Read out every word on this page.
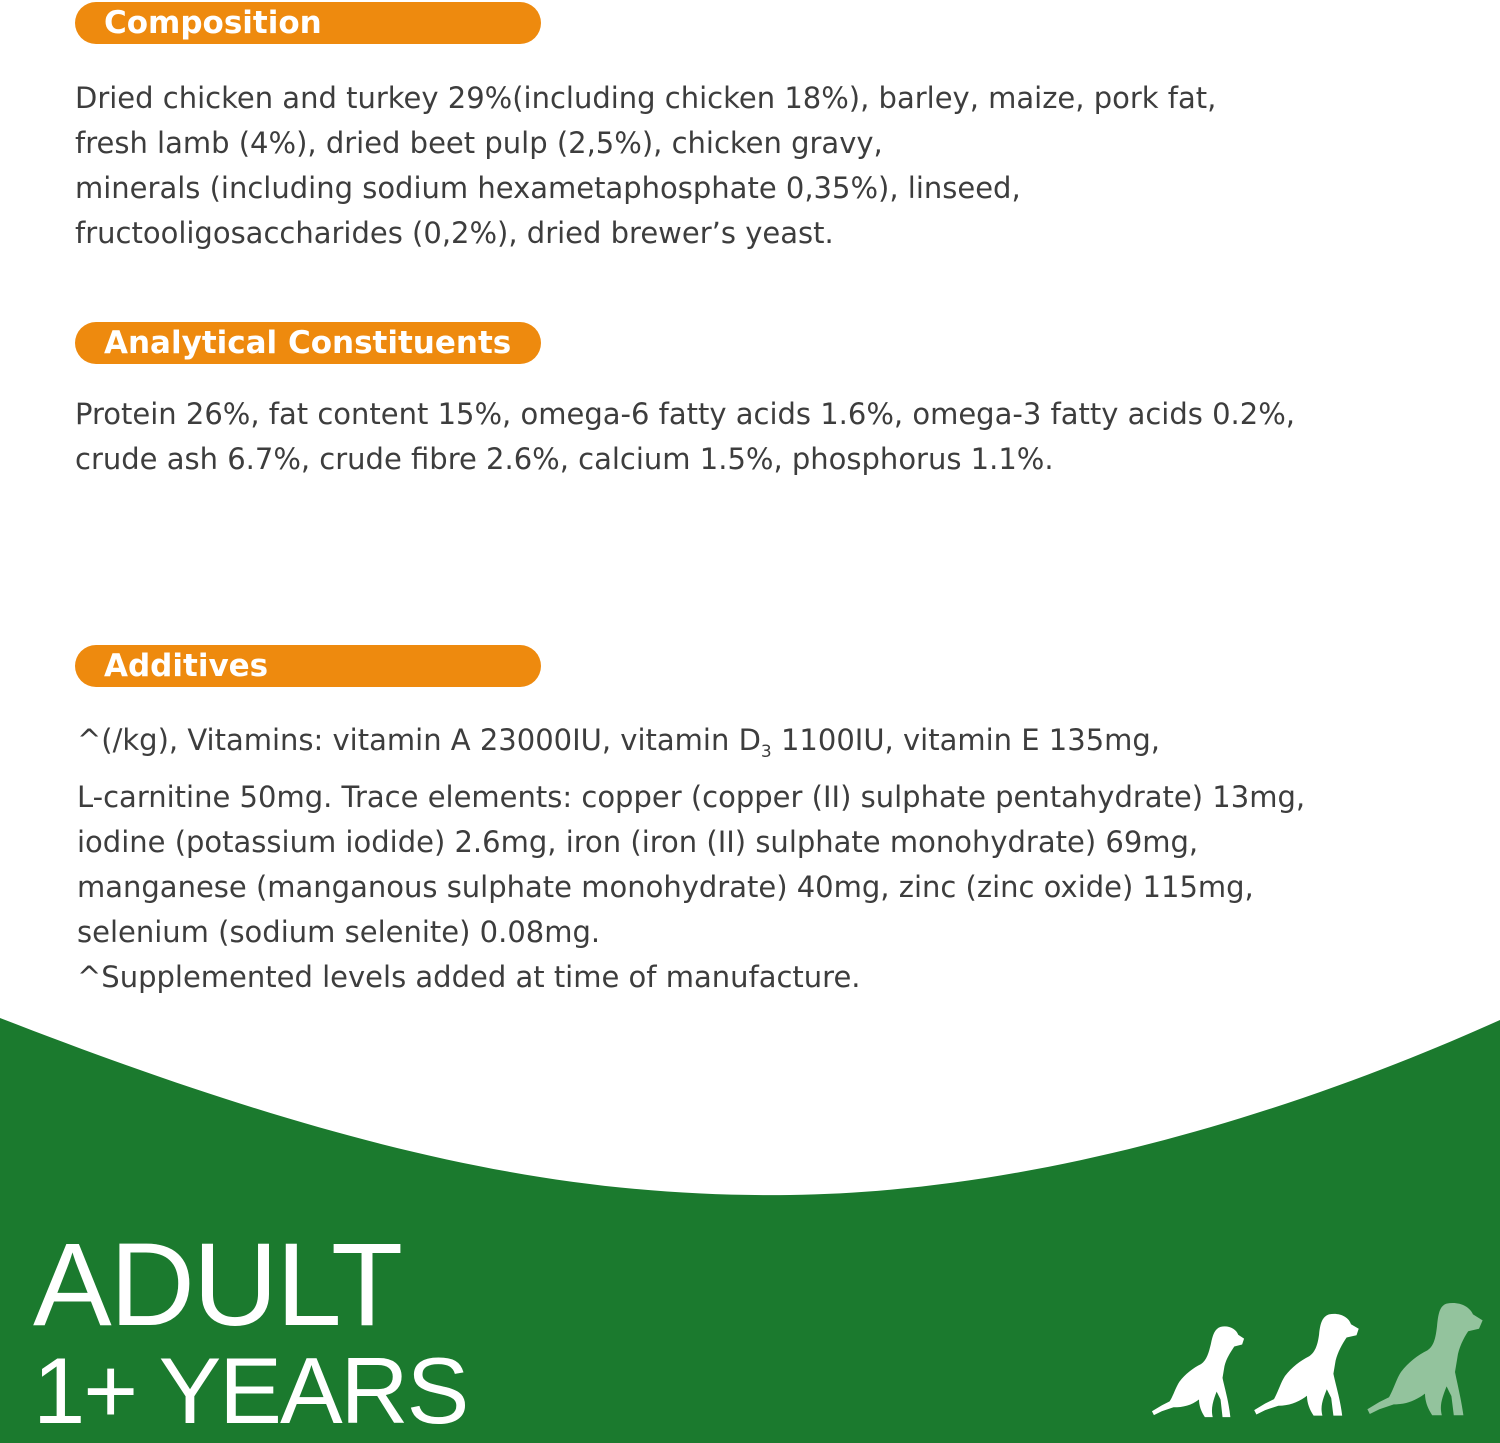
Composition
Dried chicken and turkey 29%(including chicken 18%), barley, maize, pork fat,
fresh lamb (4%), dried beet pulp (2,5%), chicken gravy,
minerals (including sodium hexametaphosphate 0,35%), linseed,
fructooligosaccharides (0,2%), dried brewer’s yeast.
Analytical Constituents
Protein 26%, fat content 15%, omega-6 fatty acids 1.6%, omega-3 fatty acids 0.2%,
crude ash 6.7%, crude fibre 2.6%, calcium 1.5%, phosphorus 1.1%.
Additives
^(/kg), Vitamins: vitamin A 23000IU, vitamin $D_3$ 1100IU, vitamin E 135mg,
L-carnitine 50mg. Trace elements: copper (copper (II) sulphate pentahydrate) 13mg,
iodine (potassium iodide) 2.6mg, iron (iron (II) sulphate monohydrate) 69mg,
manganese (manganous sulphate monohydrate) 40mg, zinc (zinc oxide) 115mg,
selenium (sodium selenite) 0.08mg.
^Supplemented levels added at time of manufacture.
ADULT
1+ YEARS
